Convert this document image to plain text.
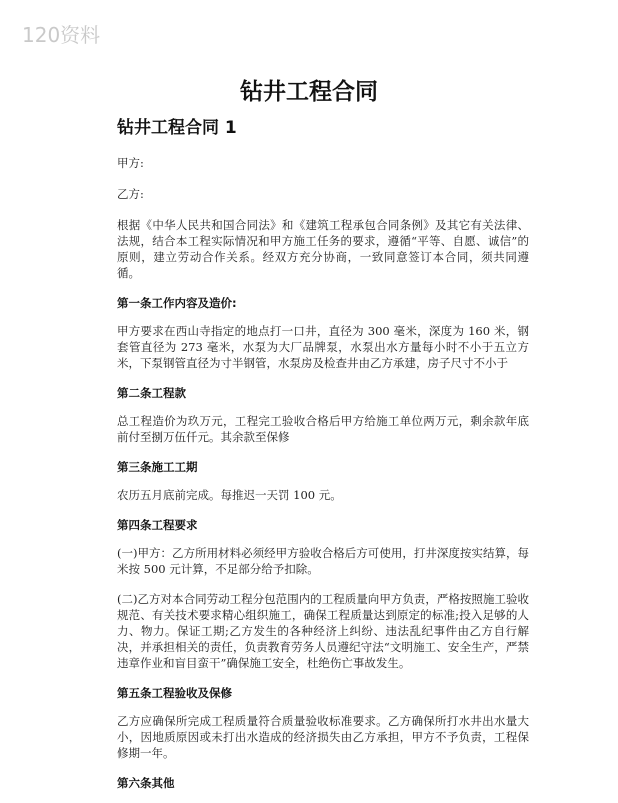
120资料
钻井工程合同
钻井工程合同 1

甲方:

乙方:

根据《中华人民共和国合同法》和《建筑工程承包合同条例》及其它有关法律、法规，结合本工程实际情况和甲方施工任务的要求，遵循“平等、自愿、诚信”的原则，建立劳动合作关系。经双方充分协商，一致同意签订本合同，须共同遵循。

第一条工作内容及造价:

甲方要求在西山寺指定的地点打一口井，直径为 300 毫米，深度为 160 米，钢套管直径为 273 毫米，水泵为大厂品牌泵，水泵出水方量每小时不小于五立方米，下泵钢管直径为寸半钢管，水泵房及检查井由乙方承建，房子尺寸不小于

第二条工程款

总工程造价为玖万元，工程完工验收合格后甲方给施工单位两万元，剩余款年底前付至捌万伍仟元。其余款至保修

第三条施工工期

农历五月底前完成。每推迟一天罚 100 元。

第四条工程要求

(一)甲方：乙方所用材料必须经甲方验收合格后方可使用，打井深度按实结算，每米按 500 元计算，不足部分给予扣除。

(二)乙方对本合同劳动工程分包范围内的工程质量向甲方负责，严格按照施工验收规范、有关技术要求精心组织施工，确保工程质量达到原定的标准;投入足够的人力、物力。保证工期;乙方发生的各种经济上纠纷、违法乱纪事件由乙方自行解决，并承担相关的责任，负责教育劳务人员遵纪守法“文明施工、安全生产，严禁违章作业和盲目蛮干”确保施工安全，杜绝伤亡事故发生。

第五条工程验收及保修

乙方应确保所完成工程质量符合质量验收标准要求。乙方确保所打水井出水量大小，因地质原因或未打出水造成的经济损失由乙方承担，甲方不予负责，工程保修期一年。

第六条其他
